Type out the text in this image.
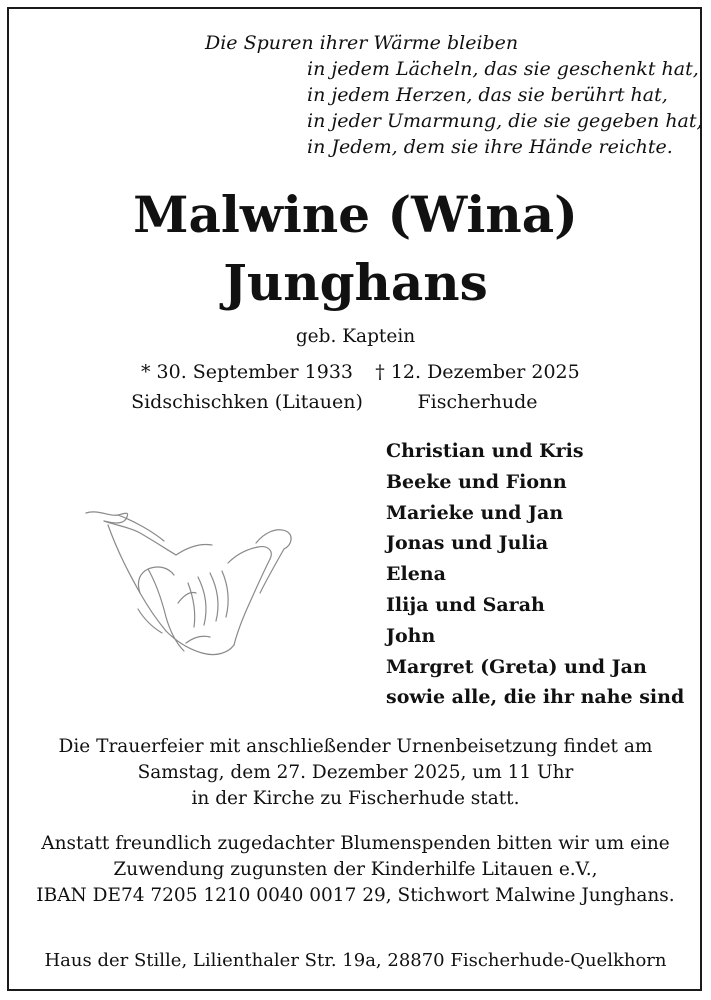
Die Spuren ihrer Wärme bleiben
in jedem Lächeln, das sie geschenkt hat,
in jedem Herzen, das sie berührt hat,
in jeder Umarmung, die sie gegeben hat,
in Jedem, dem sie ihre Hände reichte.
Malwine (Wina)
Junghans
geb. Kaptein
* 30. September 1933
Sidschischken (Litauen)
† 12. Dezember 2025
Fischerhude
Christian und Kris
Beeke und Fionn
Marieke und Jan
Jonas und Julia
Elena
Ilija und Sarah
John
Margret (Greta) und Jan
sowie alle, die ihr nahe sind
Die Trauerfeier mit anschließender Urnenbeisetzung findet am
Samstag, dem 27. Dezember 2025, um 11 Uhr
in der Kirche zu Fischerhude statt.
Anstatt freundlich zugedachter Blumenspenden bitten wir um eine
Zuwendung zugunsten der Kinderhilfe Litauen e.V.,
IBAN DE74 7205 1210 0040 0017 29, Stichwort Malwine Junghans.
Haus der Stille, Lilienthaler Str. 19a, 28870 Fischerhude-Quelkhorn
